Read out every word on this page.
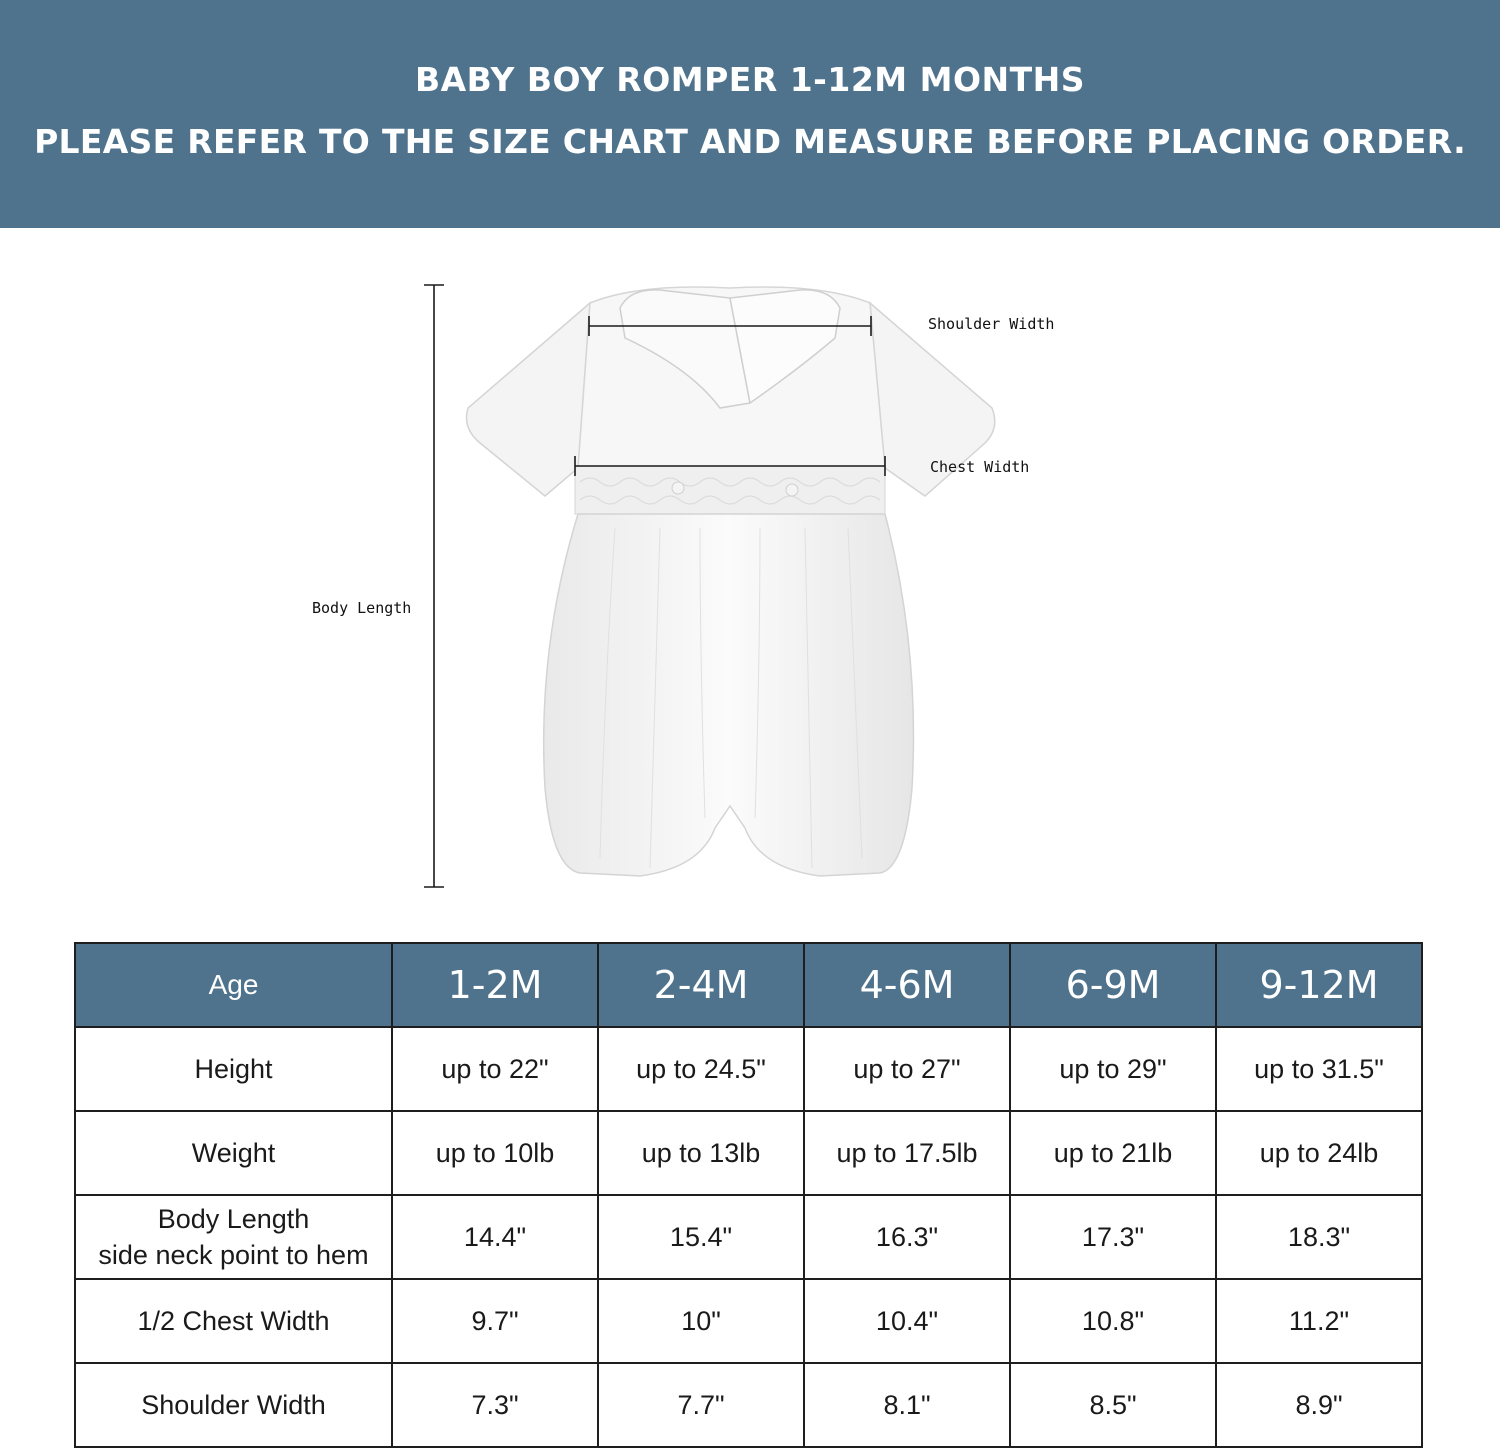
BABY BOY ROMPER 1-12M MONTHS
PLEASE REFER TO THE SIZE CHART AND MEASURE BEFORE PLACING ORDER.
Shoulder Width
Chest Width
Body Length
Age	1-2M	2-4M	4-6M	6-9M	9-12M
Height	up to 22"	up to 24.5"	up to 27"	up to 29"	up to 31.5"
Weight	up to 10lb	up to 13lb	up to 17.5lb	up to 21lb	up to 24lb

Body Length
side neck point to hem	14.4"	15.4"	16.3"	17.3"	18.3"
1/2 Chest Width	9.7"	10"	10.4"	10.8"	11.2"
Shoulder Width	7.3"	7.7"	8.1"	8.5"	8.9"
